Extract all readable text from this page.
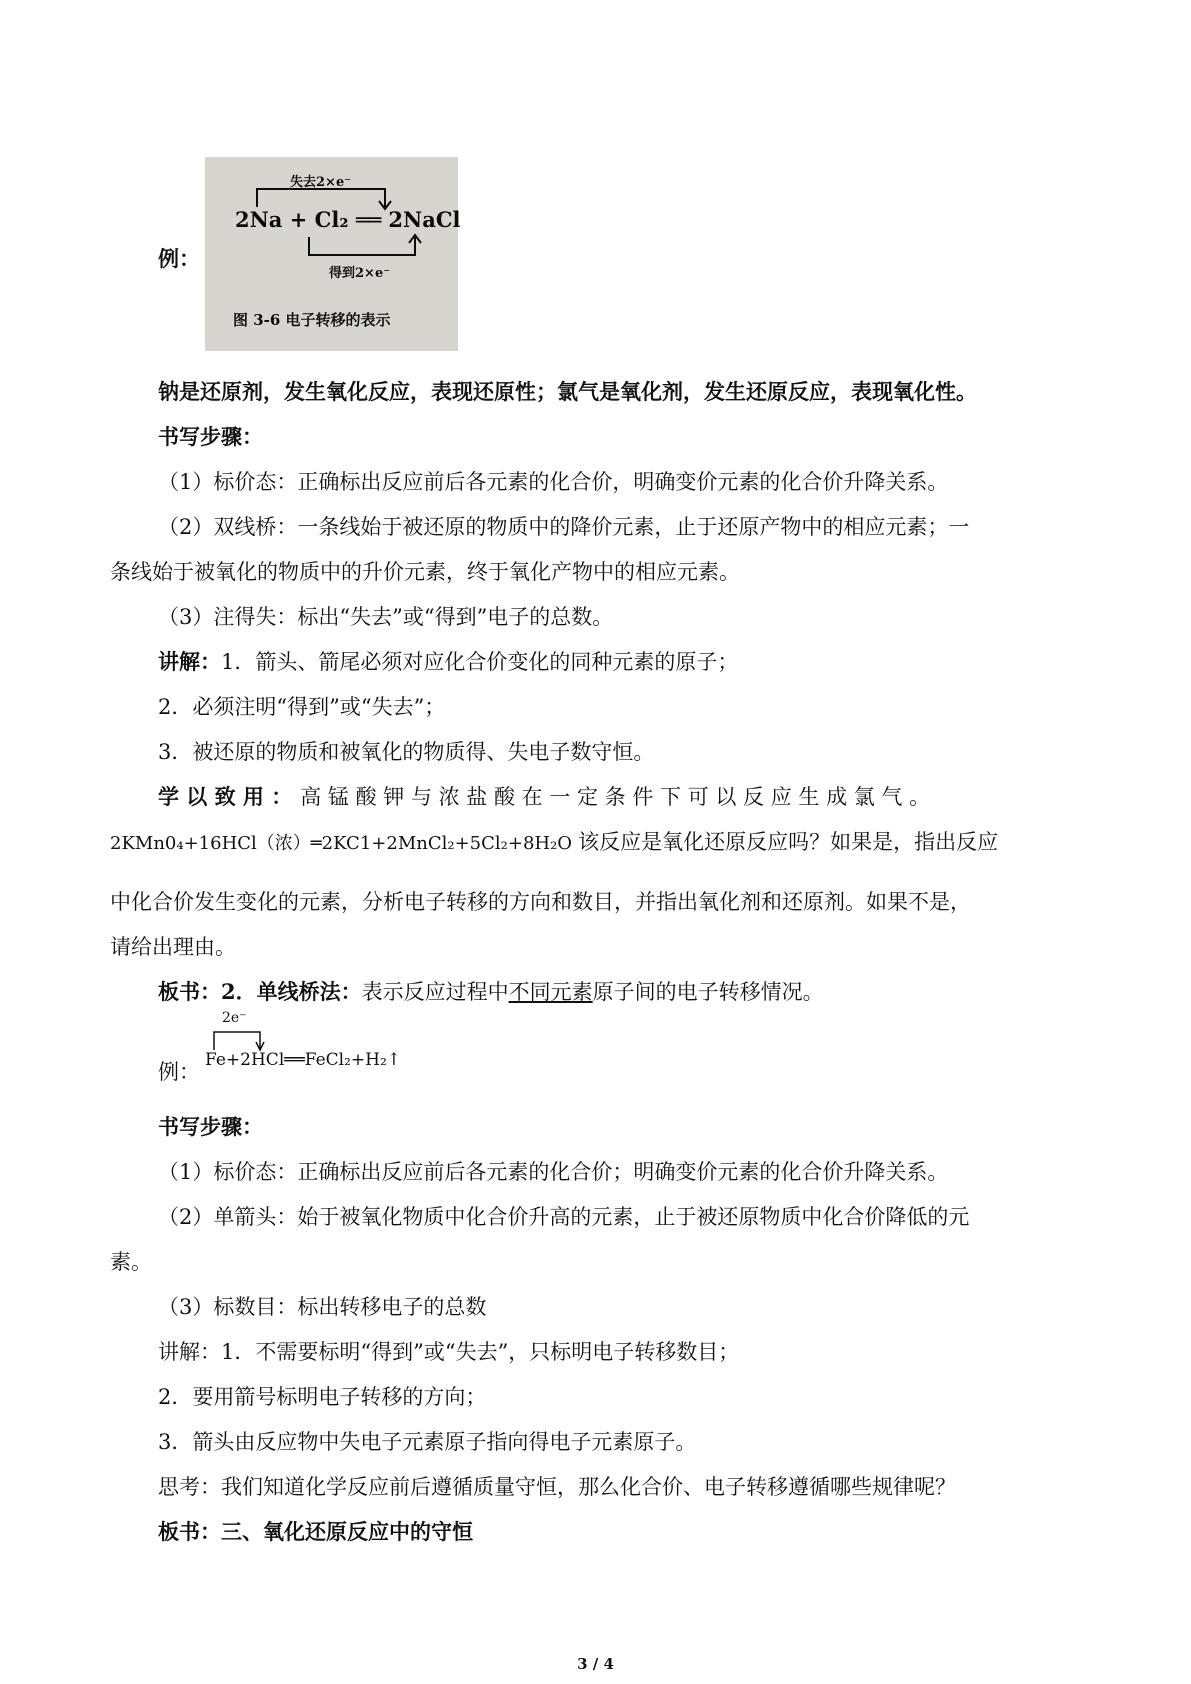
例：
失去2×e⁻
2Na + Cl₂ ══ 2NaCl
得到2×e⁻
图 3-6 电子转移的表示
钠是还原剂，发生氧化反应，表现还原性；氯气是氧化剂，发生还原反应，表现氧化性。
书写步骤：
（1）标价态：正确标出反应前后各元素的化合价，明确变价元素的化合价升降关系。
（2）双线桥：一条线始于被还原的物质中的降价元素，止于还原产物中的相应元素；一
条线始于被氧化的物质中的升价元素，终于氧化产物中的相应元素。
（3）注得失：标出“失去”或“得到”电子的总数。
讲解：1．箭头、箭尾必须对应化合价变化的同种元素的原子；
2．必须注明“得到”或“失去”；
3．被还原的物质和被氧化的物质得、失电子数守恒。
学 以 致 用 ： 高 锰 酸 钾 与 浓 盐 酸 在 一 定 条 件 下 可 以 反 应 生 成 氯 气 。
2KMn0₄+16HCl（浓）═2KC1+2MnCl₂+5Cl₂+8H₂O 该反应是氧化还原反应吗？如果是，指出反应
中化合价发生变化的元素，分析电子转移的方向和数目，并指出氧化剂和还原剂。如果不是，
请给出理由。
板书：2．单线桥法：表示反应过程中不同元素原子间的电子转移情况。
例：
2e⁻
Fe+2HCl══FeCl₂+H₂↑
书写步骤：
（1）标价态：正确标出反应前后各元素的化合价；明确变价元素的化合价升降关系。
（2）单箭头：始于被氧化物质中化合价升高的元素，止于被还原物质中化合价降低的元
素。
（3）标数目：标出转移电子的总数
讲解：1．不需要标明“得到”或“失去”，只标明电子转移数目；
2．要用箭号标明电子转移的方向；
3．箭头由反应物中失电子元素原子指向得电子元素原子。
思考：我们知道化学反应前后遵循质量守恒，那么化合价、电子转移遵循哪些规律呢？
板书：三、氧化还原反应中的守恒
3 / 4
